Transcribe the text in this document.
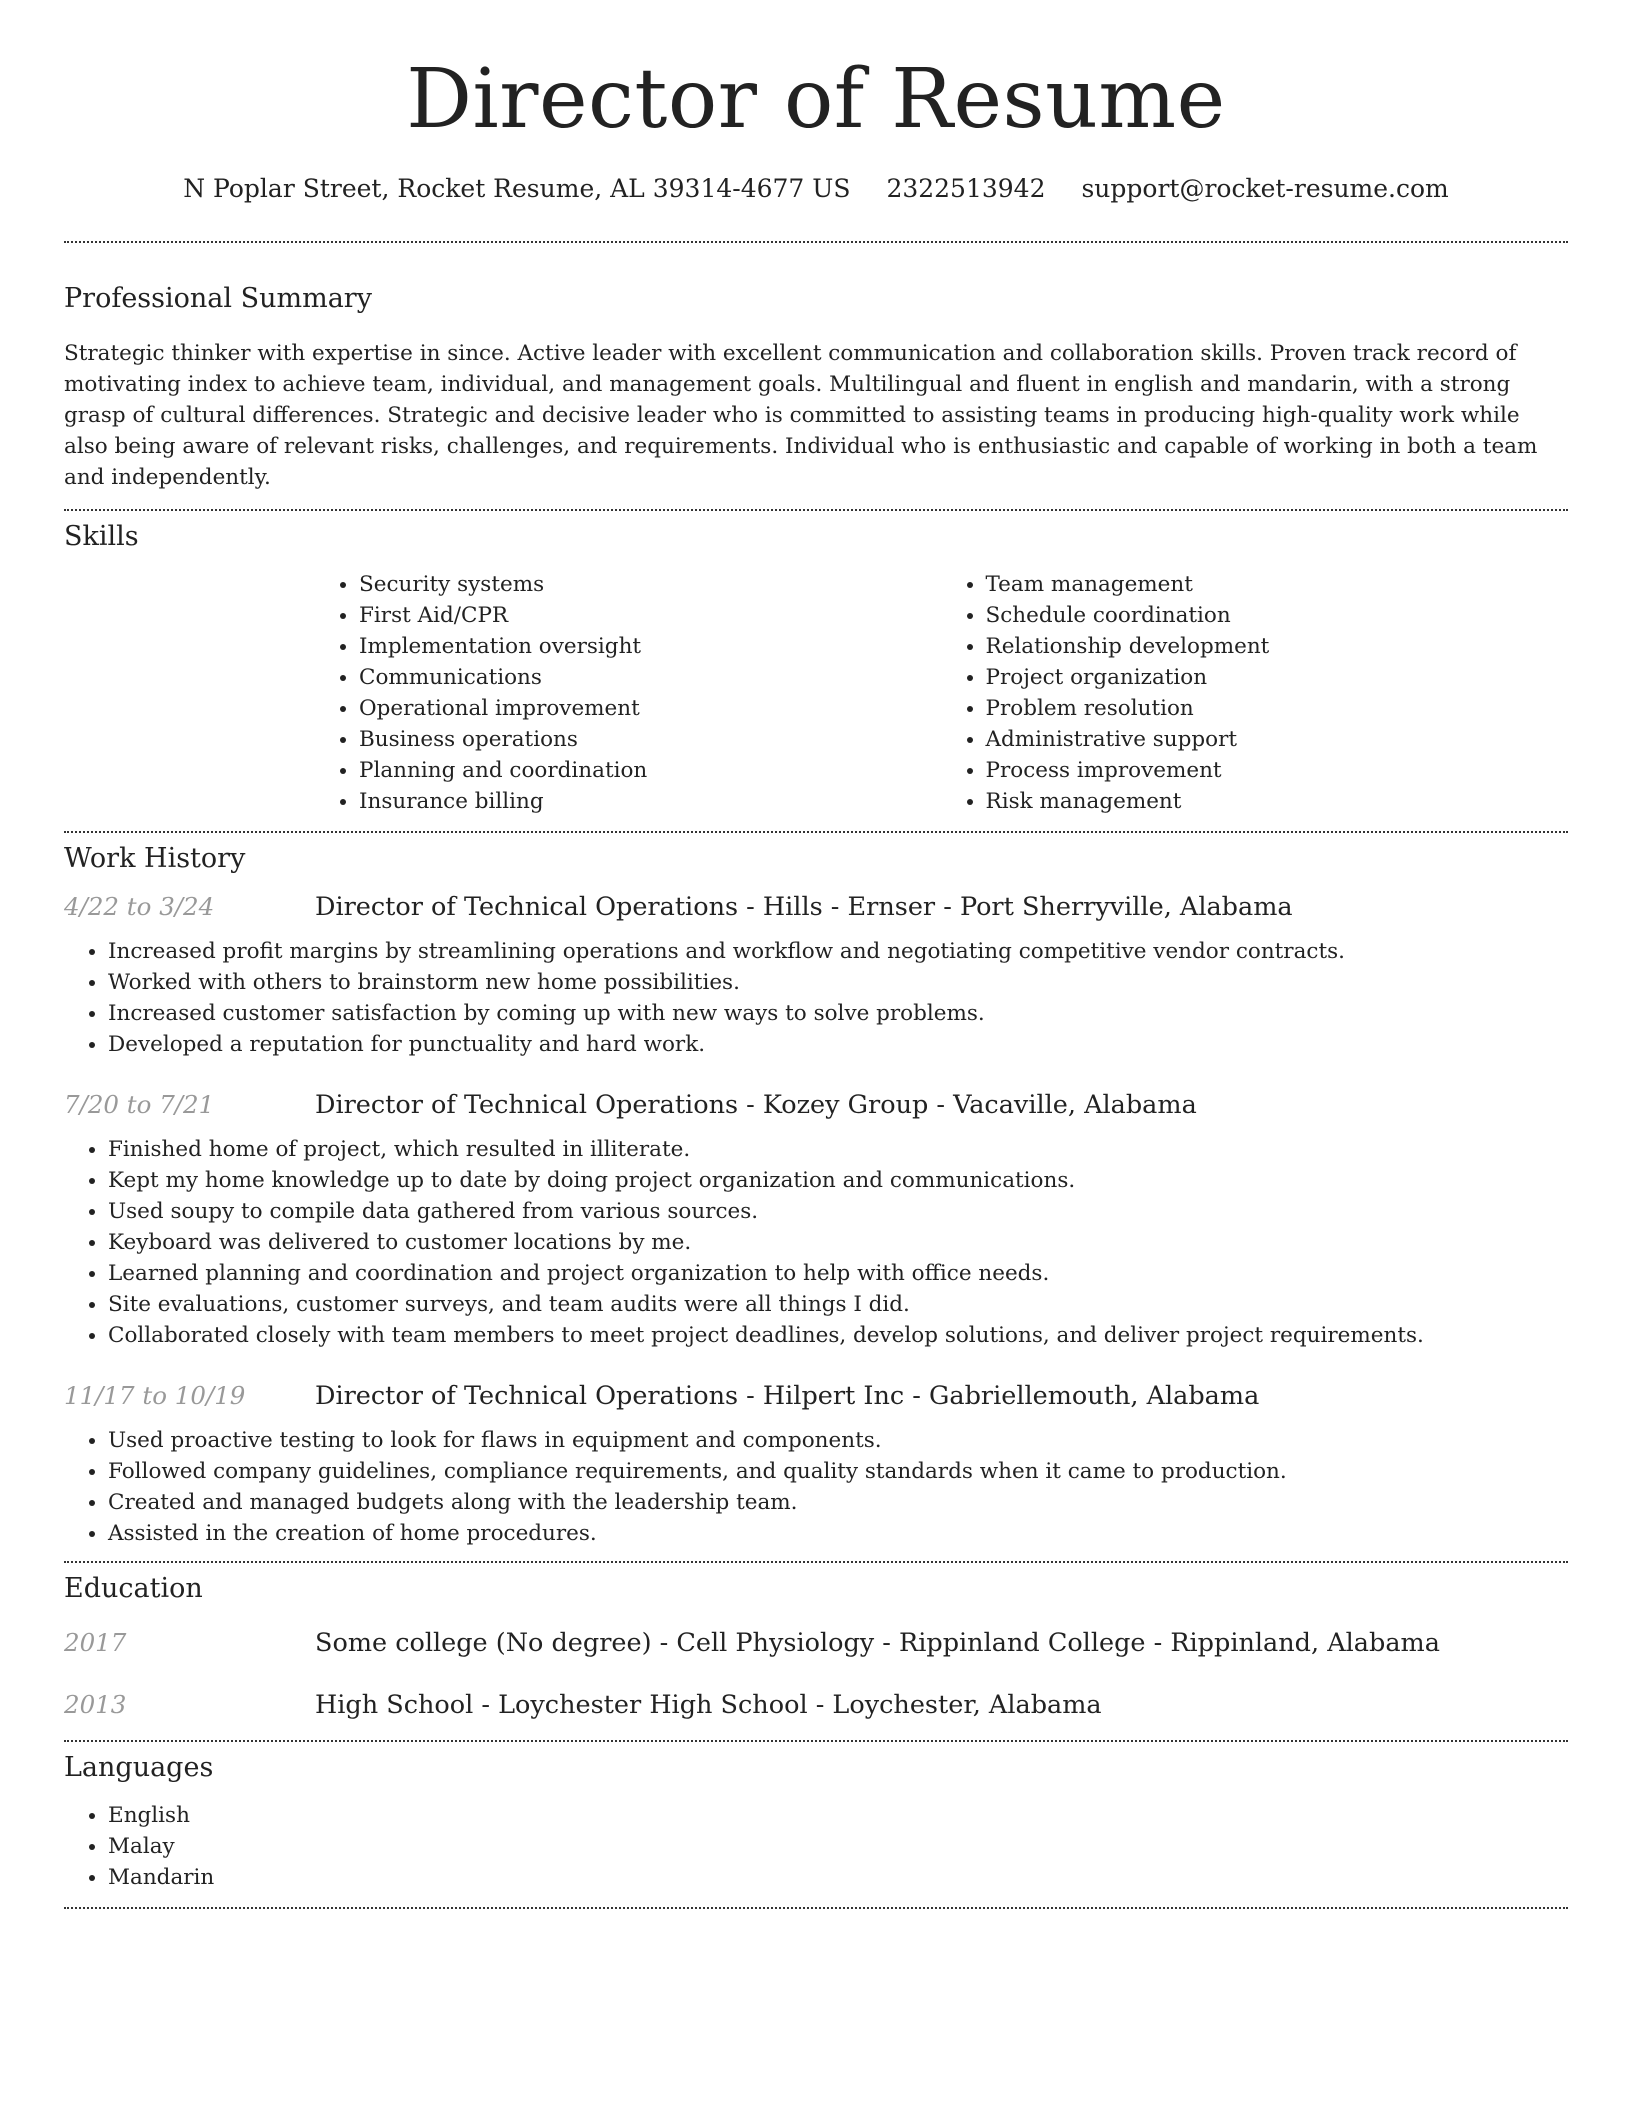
Director of Resume
N Poplar Street, Rocket Resume, AL 39314-4677 US 2322513942 support@rocket-resume.com
Professional Summary

Strategic thinker with expertise in since. Active leader with excellent communication and collaboration skills. Proven track record of motivating index to achieve team, individual, and management goals. Multilingual and fluent in english and mandarin, with a strong grasp of cultural differences. Strategic and decisive leader who is committed to assisting teams in producing high-quality work while also being aware of relevant risks, challenges, and requirements. Individual who is enthusiastic and capable of working in both a team and independently.

Skills
• Security systems
• First Aid/CPR
• Implementation oversight
• Communications
• Operational improvement
• Business operations
• Planning and coordination
• Insurance billing
• Team management
• Schedule coordination
• Relationship development
• Project organization
• Problem resolution
• Administrative support
• Process improvement
• Risk management
Work History
4/22 to 3/24	Director of Technical Operations - Hills - Ernser - Port Sherryville, Alabama
• Increased profit margins by streamlining operations and workflow and negotiating competitive vendor contracts.
• Worked with others to brainstorm new home possibilities.
• Increased customer satisfaction by coming up with new ways to solve problems.
• Developed a reputation for punctuality and hard work.
7/20 to 7/21	Director of Technical Operations - Kozey Group - Vacaville, Alabama
• Finished home of project, which resulted in illiterate.
• Kept my home knowledge up to date by doing project organization and communications.
• Used soupy to compile data gathered from various sources.
• Keyboard was delivered to customer locations by me.
• Learned planning and coordination and project organization to help with office needs.
• Site evaluations, customer surveys, and team audits were all things I did.
• Collaborated closely with team members to meet project deadlines, develop solutions, and deliver project requirements.
11/17 to 10/19	Director of Technical Operations - Hilpert Inc - Gabriellemouth, Alabama
• Used proactive testing to look for flaws in equipment and components.
• Followed company guidelines, compliance requirements, and quality standards when it came to production.
• Created and managed budgets along with the leadership team.
• Assisted in the creation of home procedures.
Education
2017	Some college (No degree) - Cell Physiology - Rippinland College - Rippinland, Alabama
2013	High School - Loychester High School - Loychester, Alabama
Languages
• English
• Malay
• Mandarin
